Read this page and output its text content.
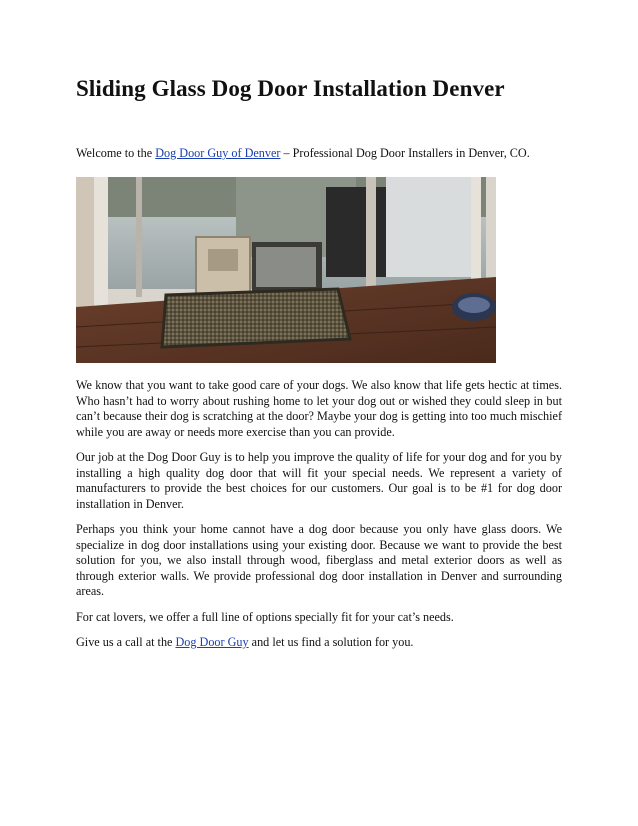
Sliding Glass Dog Door Installation Denver

Welcome to the Dog Door Guy of Denver – Professional Dog Door Installers in Denver, CO.

We know that you want to take good care of your dogs. We also know that life gets hectic at times. Who hasn’t had to worry about rushing home to let your dog out or wished they could sleep in but can’t because their dog is scratching at the door? Maybe your dog is getting into too much mischief while you are away or needs more exercise than you can provide.

Our job at the Dog Door Guy is to help you improve the quality of life for your dog and for you by installing a high quality dog door that will fit your special needs. We represent a variety of manufacturers to provide the best choices for our customers. Our goal is to be #1 for dog door installation in Denver.

Perhaps you think your home cannot have a dog door because you only have glass doors. We specialize in dog door installations using your existing door. Because we want to provide the best solution for you, we also install through wood, fiberglass and metal exterior doors as well as through exterior walls. We provide professional dog door installation in Denver and surrounding areas.

For cat lovers, we offer a full line of options specially fit for your cat’s needs.

Give us a call at the Dog Door Guy and let us find a solution for you.
